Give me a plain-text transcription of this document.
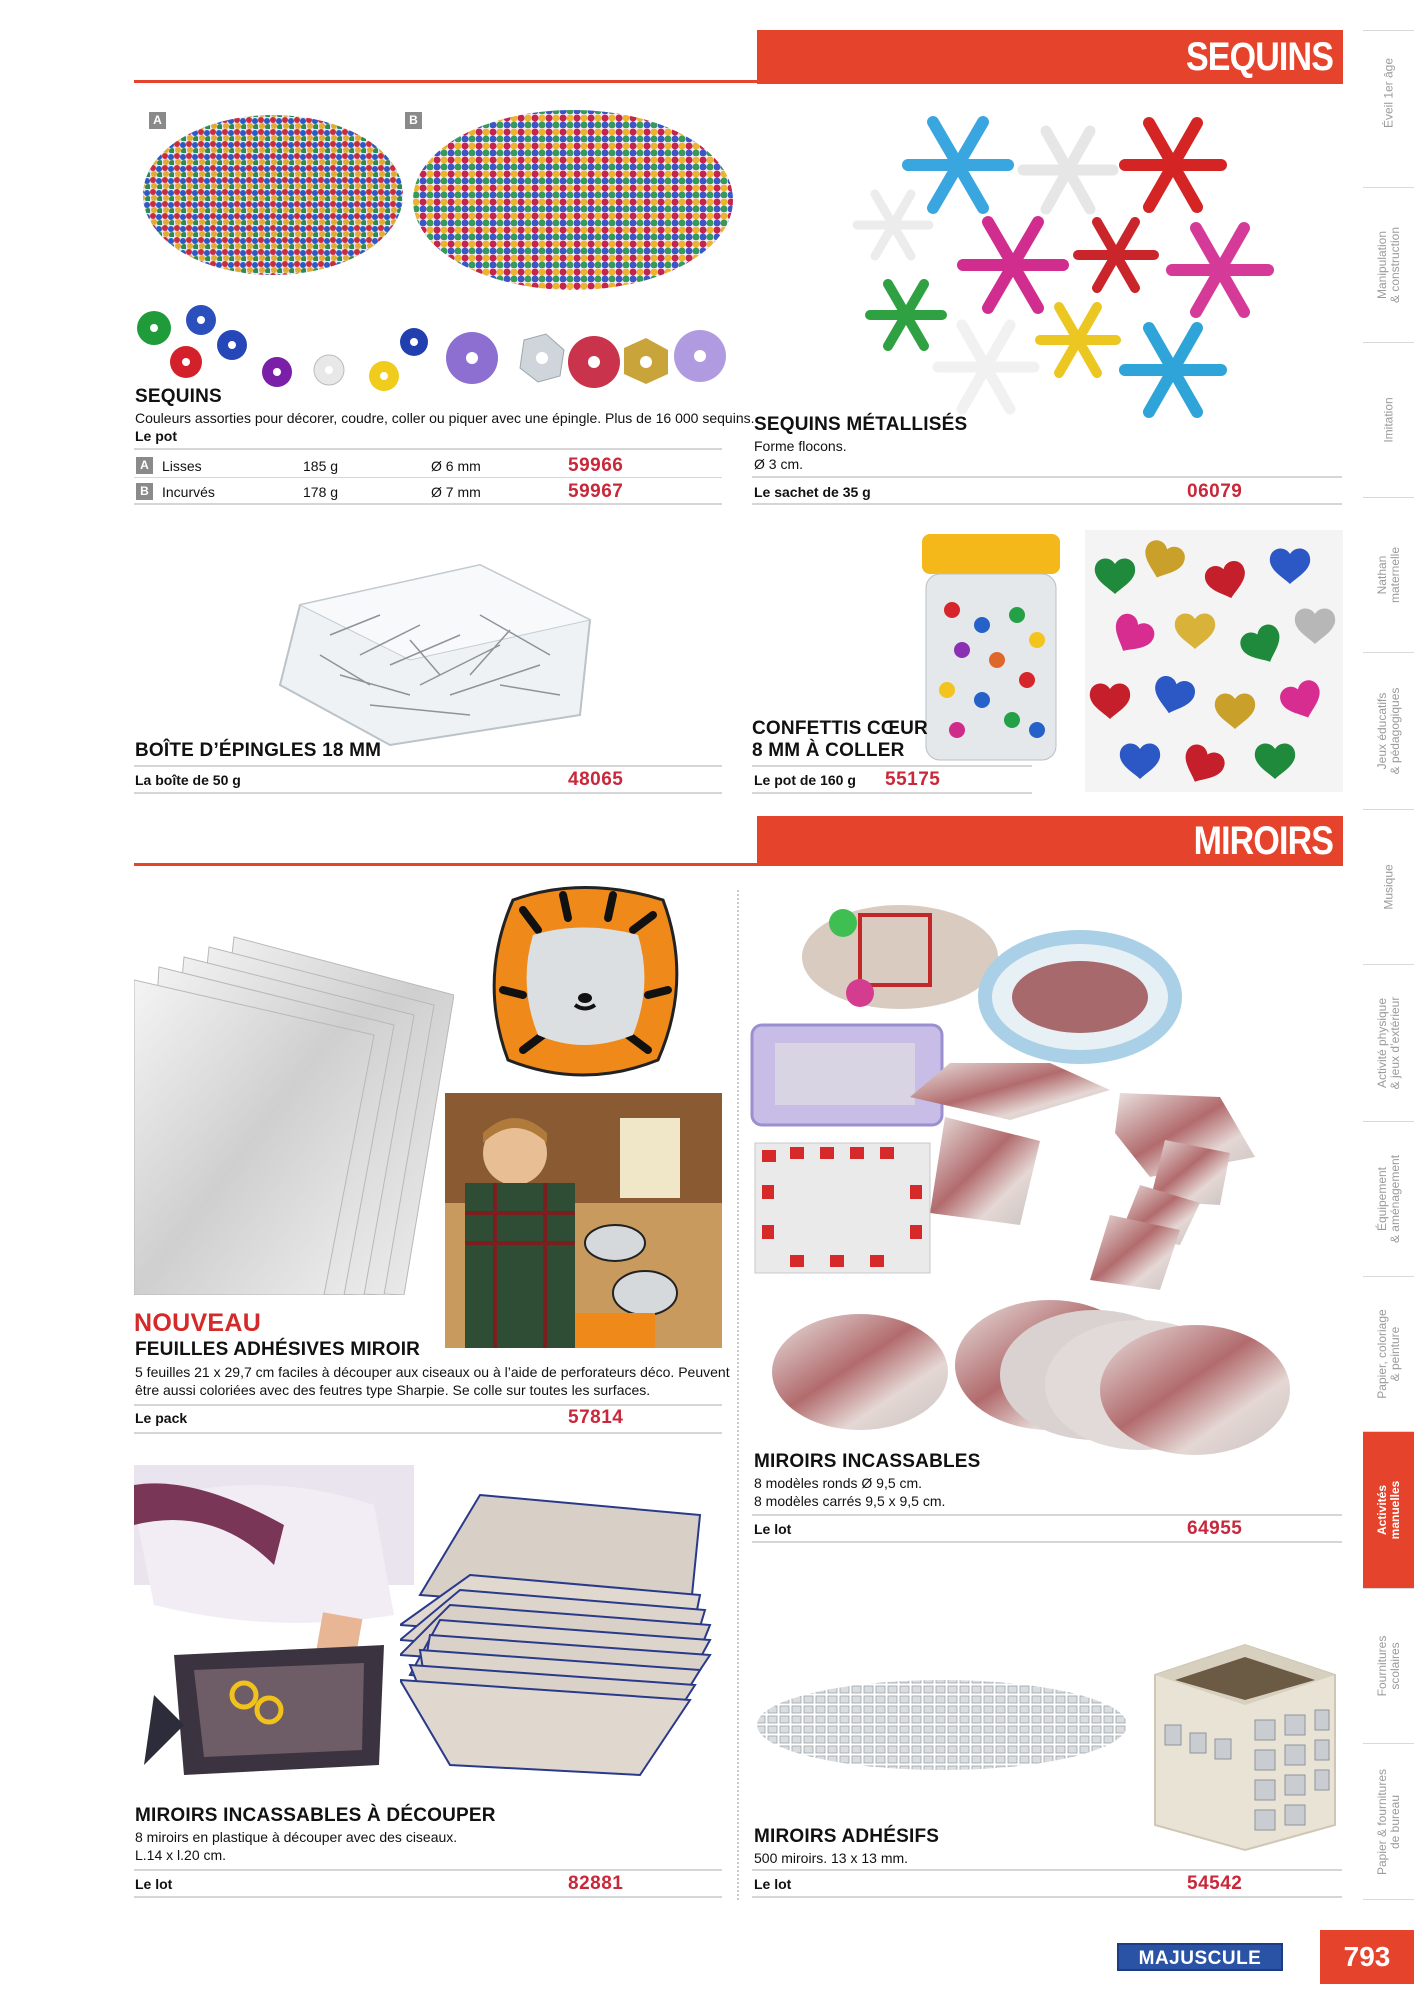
SEQUINS
A	B
SEQUINS
Couleurs assorties pour décorer, coudre, coller ou piquer avec une épingle. Plus de 16 000 sequins.
Le pot
A Lisses	185 g	Ø 6 mm	59966
B Incurvés	178 g	Ø 7 mm	59967
SEQUINS MÉTALLISÉS
Forme flocons.
Ø 3 cm.
Le sachet de 35 g	06079
BOÎTE D’ÉPINGLES 18 MM
La boîte de 50 g	48065
CONFETTIS CŒUR
8 MM À COLLER
Le pot de 160 g 55175
MIROIRS
NOUVEAU
FEUILLES ADHÉSIVES MIROIR
5 feuilles 21 x 29,7 cm faciles à découper aux ciseaux ou à l’aide de perforateurs déco. Peuvent
être aussi coloriées avec des feutres type Sharpie. Se colle sur toutes les surfaces.
Le pack	57814
MIROIRS INCASSABLES
8 modèles ronds Ø 9,5 cm.
8 modèles carrés 9,5 x 9,5 cm.
Le lot	64955
MIROIRS INCASSABLES À DÉCOUPER
8 miroirs en plastique à découper avec des ciseaux.
L.14 x l.20 cm.
Le lot	82881
MIROIRS ADHÉSIFS
500 miroirs. 13 x 13 mm.
Le lot	54542
Éveil 1er âge
Manipulation
& construction
Imitation
Nathan
maternelle
Jeux éducatifs
& pédagogiques
Musique
Activité physique
& jeux d’extérieur
Équipement
& aménagement
Papier, coloriage
& peinture
Activités
manuelles
Fournitures
scolaires
Papier & fournitures
de bureau
MAJUSCULE	793
